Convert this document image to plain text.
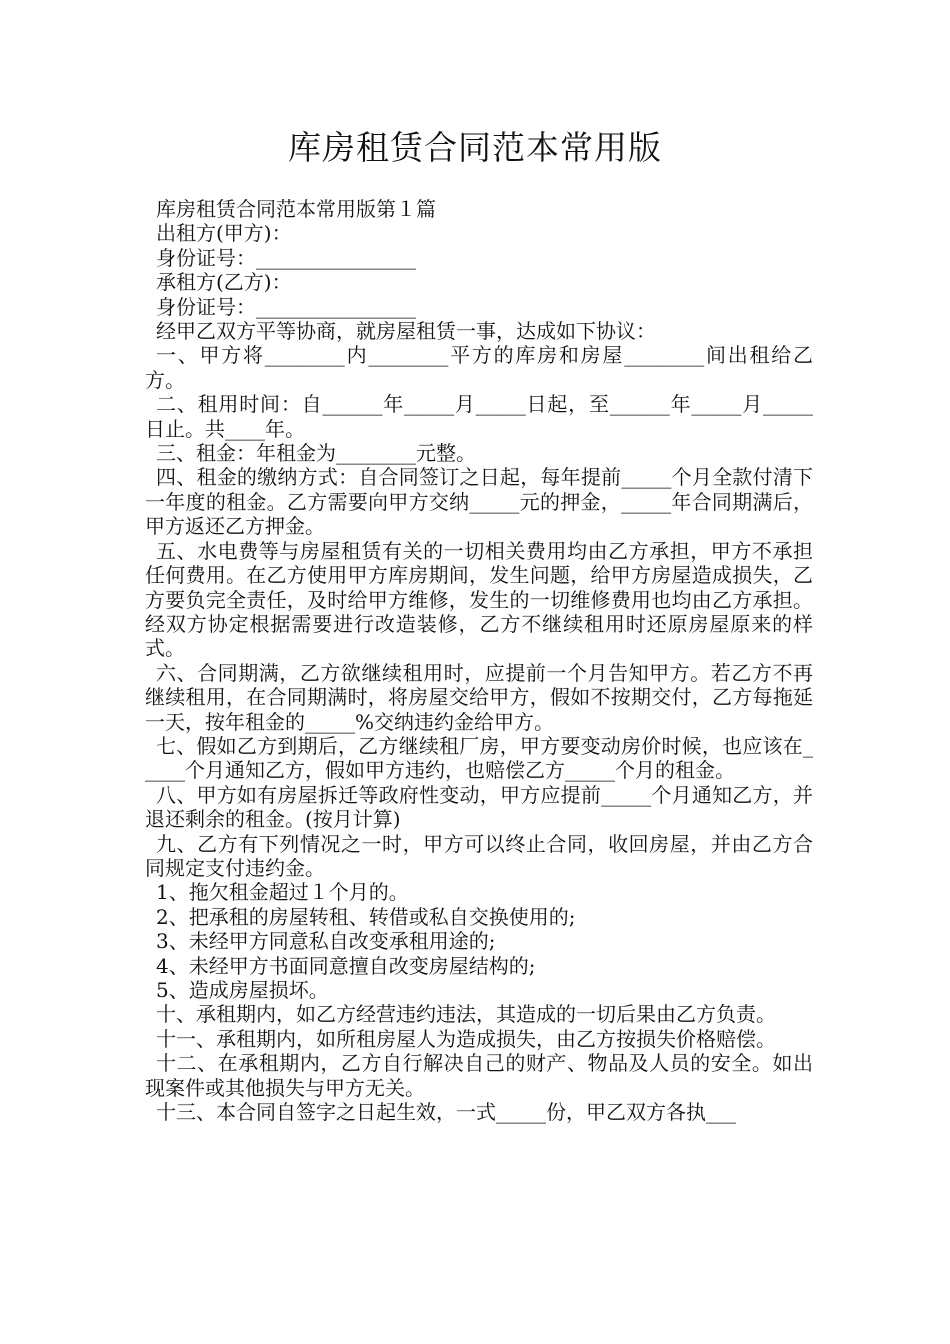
库房租赁合同范本常用版

库房租赁合同范本常用版第１篇

出租方(甲方)：

身份证号：________________

承租方(乙方)：

身份证号：________________

经甲乙双方平等协商，就房屋租赁一事，达成如下协议：

一、甲方将________内________平方的库房和房屋________间出租给乙方。

二、租用时间：自______年_____月_____日起，至______年_____月_____日止。共____年。

三、租金：年租金为________元整。

四、租金的缴纳方式：自合同签订之日起，每年提前_____个月全款付清下一年度的租金。乙方需要向甲方交纳_____元的押金，_____年合同期满后，甲方返还乙方押金。

五、水电费等与房屋租赁有关的一切相关费用均由乙方承担，甲方不承担任何费用。在乙方使用甲方库房期间，发生问题，给甲方房屋造成损失，乙方要负完全责任，及时给甲方维修，发生的一切维修费用也均由乙方承担。经双方协定根据需要进行改造装修，乙方不继续租用时还原房屋原来的样式。

六、合同期满，乙方欲继续租用时，应提前一个月告知甲方。若乙方不再继续租用，在合同期满时，将房屋交给甲方，假如不按期交付，乙方每拖延一天，按年租金的_____%交纳违约金给甲方。

七、假如乙方到期后，乙方继续租厂房，甲方要变动房价时候，也应该在_____个月通知乙方，假如甲方违约，也赔偿乙方_____个月的租金。

八、甲方如有房屋拆迁等政府性变动，甲方应提前_____个月通知乙方，并退还剩余的租金。(按月计算)

九、乙方有下列情况之一时，甲方可以终止合同，收回房屋，并由乙方合同规定支付违约金。

1、拖欠租金超过１个月的。

2、把承租的房屋转租、转借或私自交换使用的;

3、未经甲方同意私自改变承租用途的;

4、未经甲方书面同意擅自改变房屋结构的;

5、造成房屋损坏。

十、承租期内，如乙方经营违约违法，其造成的一切后果由乙方负责。

十一、承租期内，如所租房屋人为造成损失，由乙方按损失价格赔偿。

十二、在承租期内，乙方自行解决自己的财产、物品及人员的安全。如出现案件或其他损失与甲方无关。

十三、本合同自签字之日起生效，一式_____份，甲乙双方各执___
